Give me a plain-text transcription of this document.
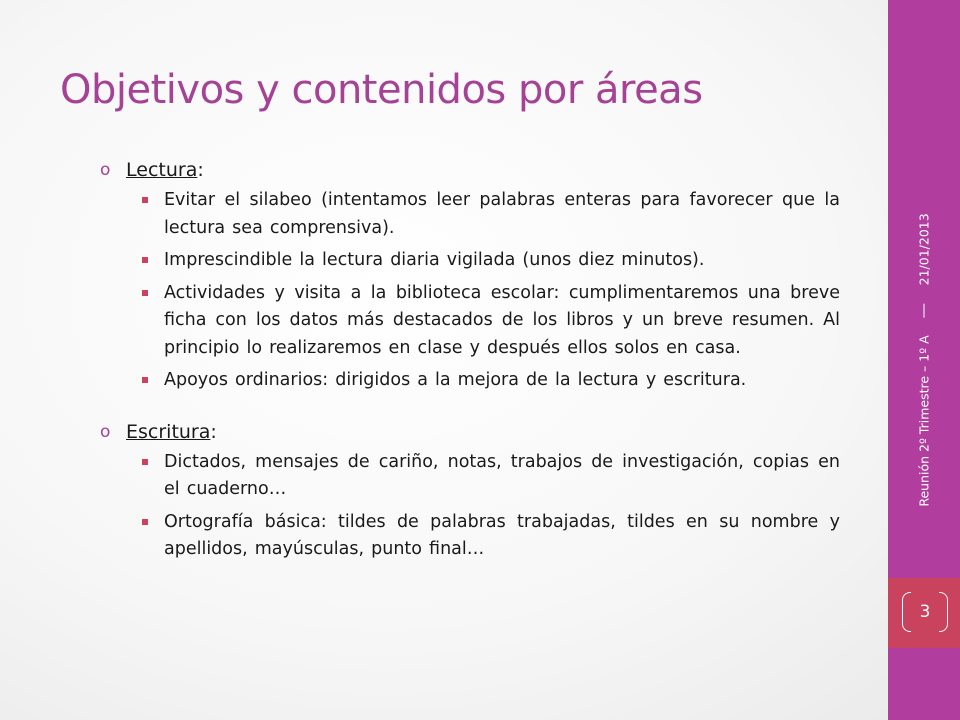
Objetivos y contenidos por áreas
o Lectura:
Evitar el silabeo (intentamos leer palabras enteras para favorecer que la lectura sea comprensiva).
Imprescindible la lectura diaria vigilada (unos diez minutos).
Actividades y visita a la biblioteca escolar: cumplimentaremos una breve ficha con los datos más destacados de los libros y un breve resumen. Al principio lo realizaremos en clase y después ellos solos en casa.
Apoyos ordinarios: dirigidos a la mejora de la lectura y escritura.
o Escritura:
Dictados, mensajes de cariño, notas, trabajos de investigación, copias en el cuaderno…
Ortografía básica: tildes de palabras trabajadas, tildes en su nombre y apellidos, mayúsculas, punto final…
3
Reunión 2º Trimestre – 1º A
21/01/2013
